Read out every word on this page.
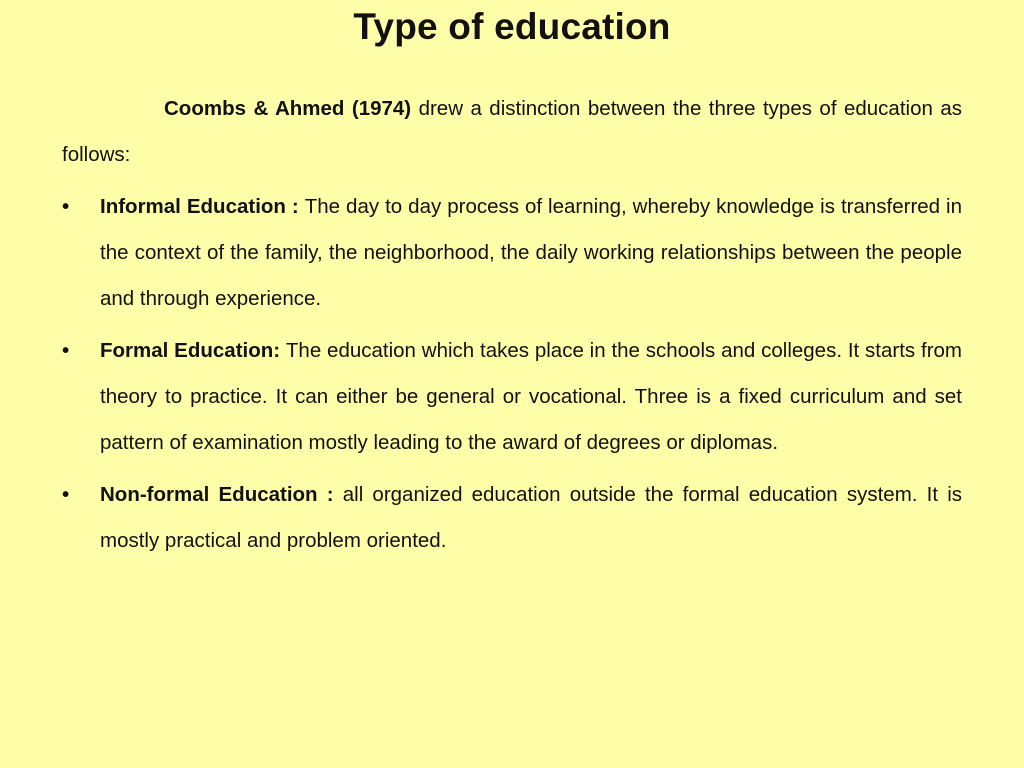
Type of education

Coombs & Ahmed (1974) drew a distinction between the three types of education as follows:

•	Informal Education : The day to day process of learning, whereby knowledge is transferred in the context of the family, the neighborhood, the daily working relationships between the people and through experience.
•	Formal Education: The education which takes place in the schools and colleges. It starts from theory to practice. It can either be general or vocational. Three is a fixed curriculum and set pattern of examination mostly leading to the award of degrees or diplomas.
•	Non-formal Education : all organized education outside the formal education system. It is mostly practical and problem oriented.
